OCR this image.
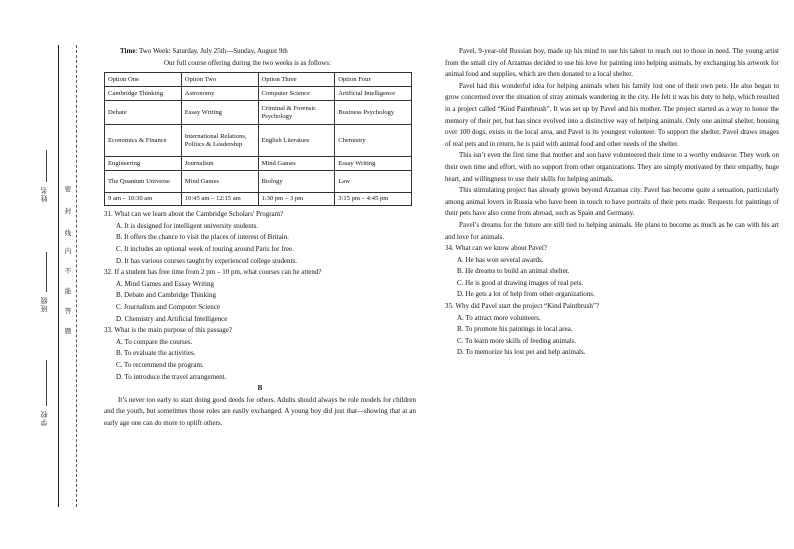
姓名
班级
学校
密
封
线
内
不
能
答
题

Time: Two Week: Saturday, July 25th—Sunday, August 9th

Our full course offering during the two weeks is as follows:

Option One	Option Two	Option Three	Option Four
Cambridge Thinking	Astronomy	Computer Science	Artificial Intelligence
Debate	Essay Writing	Criminal & Forensic Psychology	Business Psychology
Economics & Finance	International Relations, Politics & Leadership	English Literature	Chemistry
Engineering	Journalism	Mind Games	Essay Writing
The Quantum Universe	Mind Games	Biology	Law
9 am – 10:30 am	10:45 am – 12:15 am	1:30 pm – 3 pm	3:15 pm – 4:45 pm

31. What can we learn about the Cambridge Scholars' Program?

A. It is designed for intelligent university students.

B. It offers the chance to visit the places of interest of Britain.

C. It includes an optional week of touring around Paris for free.

D. It has various courses taught by experienced college students.

32. If a student has free time from 2 pm – 10 pm, what courses can he attend?

A. Mind Games and Essay Writing

B. Debate and Cambridge Thinking

C. Journalism and Computer Science

D. Chemistry and Artificial Intelligence

33. What is the main purpose of this passage?

A. To compare the courses.

B. To evaluate the activities.

C. To recommend the program.

D. To introduce the travel arrangement.

B

It’s never too early to start doing good deeds for others. Adults should always be role models for children and the youth, but sometimes those roles are easily exchanged. A young boy did just that—showing that at an early age one can do more to uplift others.

Pavel, 9-year-old Russian boy, made up his mind to use his talent to reach out to those in need. The young artist from the small city of Arzamas decided to use his love for painting into helping animals, by exchanging his artwork for animal food and supplies, which are then donated to a local shelter.

Pavel had this wonderful idea for helping animals when his family lost one of their own pets. He also began to grow concerned over the situation of stray animals wandering in the city. He felt it was his duty to help, which resulted in a project called “Kind Paintbrush”. It was set up by Pavel and his mother. The project started as a way to honor the memory of their pet, but has since evolved into a distinctive way of helping animals. Only one animal shelter, housing over 100 dogs, exists in the local area, and Pavel is its youngest volunteer. To support the shelter, Pavel draws images of real pets and in return, he is paid with animal food and other needs of the shelter.

This isn’t even the first time that mother and son have volunteered their time to a worthy endeavor. They work on their own time and effort, with no support from other organizations. They are simply motivated by their empathy, huge heart, and willingness to use their skills for helping animals.

This stimulating project has already grown beyond Arzamas city. Pavel has become quite a sensation, particularly among animal lovers in Russia who have been in touch to have portraits of their pets made. Requests for paintings of their pets have also come from abroad, such as Spain and Germany.

Pavel’s dreams for the future are still tied to helping animals. He plans to become as much as he can with his art and love for animals.

34. What can we know about Pavel?

A. He has won several awards.

B. He dreams to build an animal shelter.

C. He is good at drawing images of real pets.

D. He gets a lot of help from other organizations.

35. Why did Pavel start the project “Kind Paintbrush”?

A. To attract more volunteers.

B. To promote his paintings in local area.

C. To learn more skills of feeding animals.

D. To memorize his lost pet and help animals.
